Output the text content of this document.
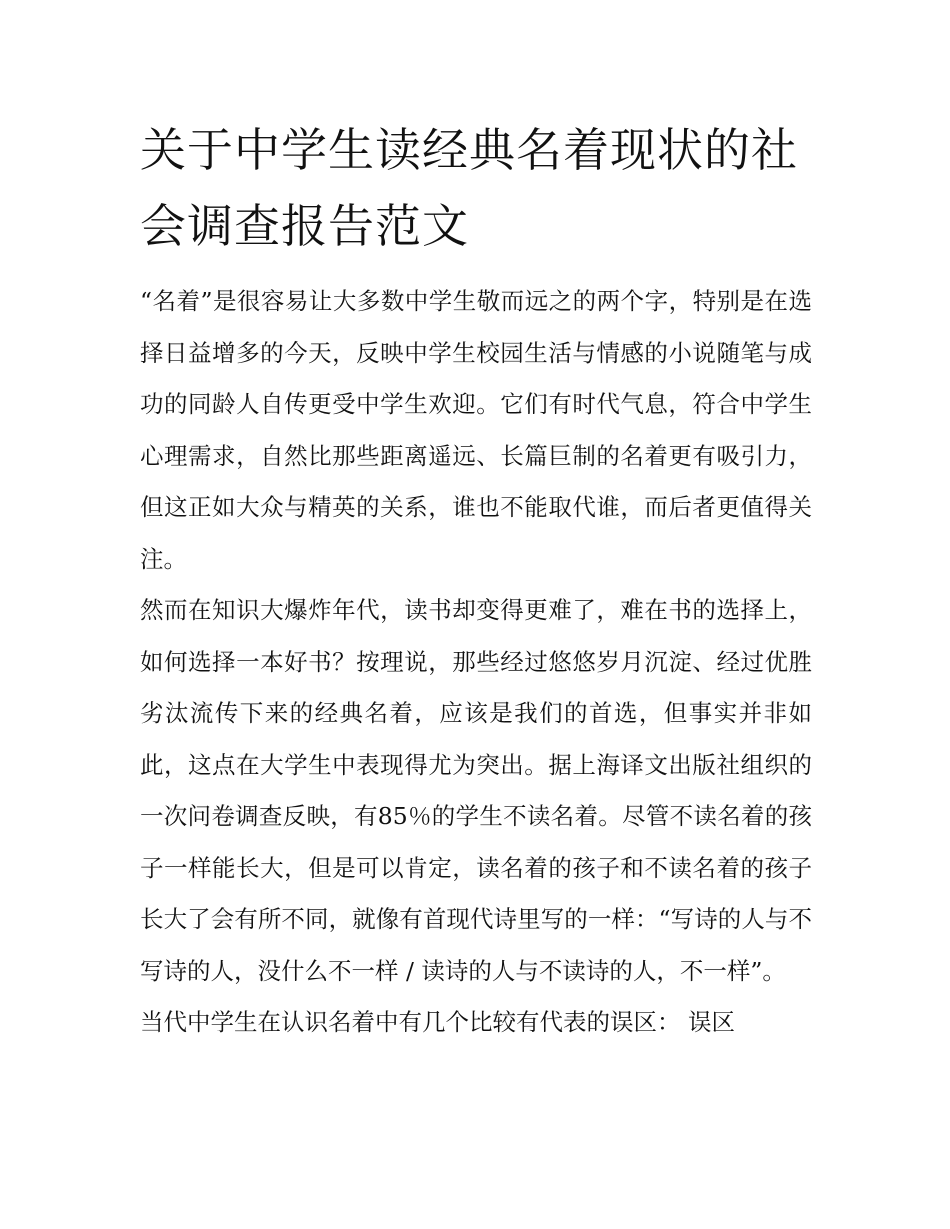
关于中学生读经典名着现状的社会调查报告范文

“名着”是很容易让大多数中学生敬而远之的两个字，特别是在选择日益增多的今天，反映中学生校园生活与情感的小说随笔与成功的同龄人自传更受中学生欢迎。它们有时代气息，符合中学生心理需求，自然比那些距离遥远、长篇巨制的名着更有吸引力，但这正如大众与精英的关系，谁也不能取代谁，而后者更值得关注。

然而在知识大爆炸年代，读书却变得更难了，难在书的选择上，如何选择一本好书？按理说，那些经过悠悠岁月沉淀、经过优胜劣汰流传下来的经典名着，应该是我们的首选，但事实并非如此，这点在大学生中表现得尤为突出。据上海译文出版社组织的一次问卷调查反映，有85％的学生不读名着。尽管不读名着的孩子一样能长大，但是可以肯定，读名着的孩子和不读名着的孩子长大了会有所不同，就像有首现代诗里写的一样：“写诗的人与不写诗的人，没什么不一样 / 读诗的人与不读诗的人，不一样”。

当代中学生在认识名着中有几个比较有代表的误区： 误区
